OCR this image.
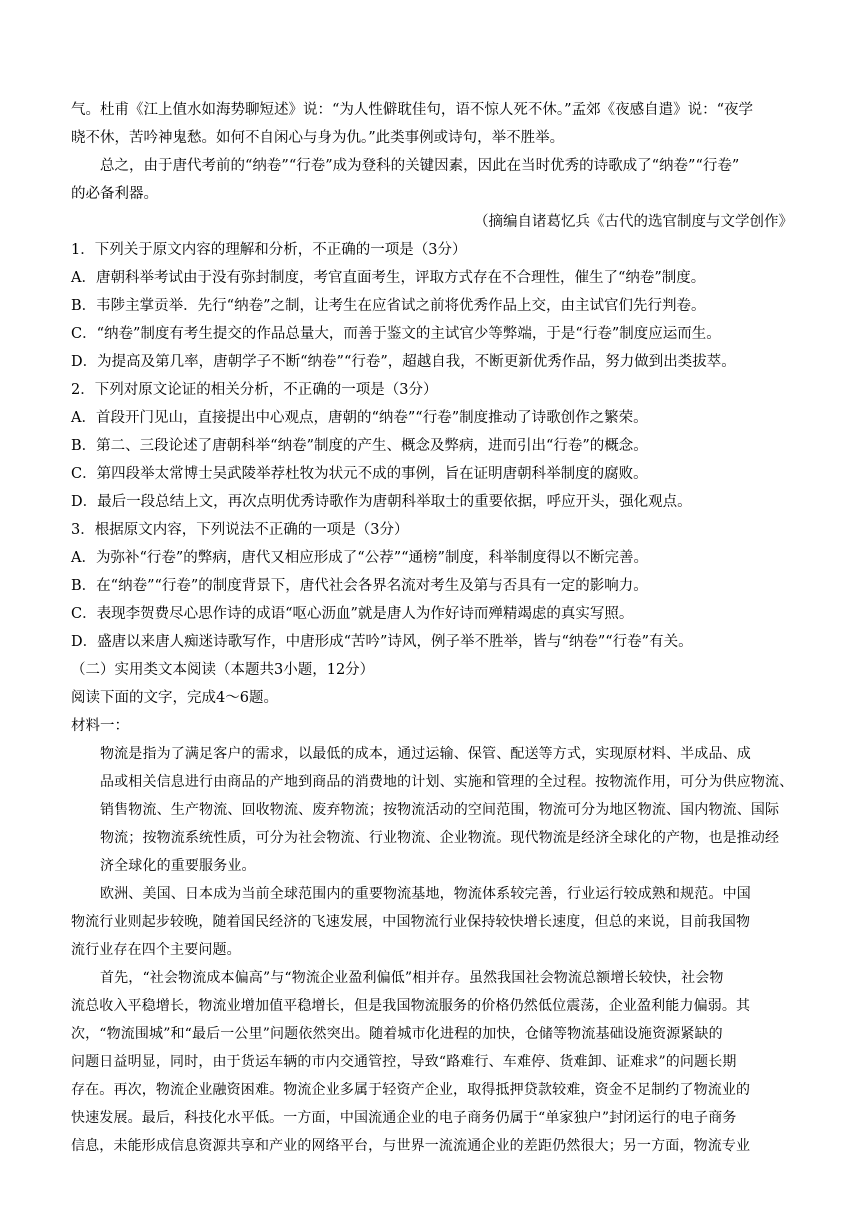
气。杜甫《江上值水如海势聊短述》说：“为人性僻耽佳句，语不惊人死不休。”孟郊《夜感自遣》说：“夜学
晓不休，苦吟神鬼愁。如何不自闲心与身为仇。”此类事例或诗句，举不胜举。
总之，由于唐代考前的“纳卷”“行卷”成为登科的关键因素，因此在当时优秀的诗歌成了“纳卷”“行卷”
的必备利器。
（摘编自诸葛忆兵《古代的选官制度与文学创作》
1．下列关于原文内容的理解和分析，不正确的一项是（3分）
A．唐朝科举考试由于没有弥封制度，考官直面考生，评取方式存在不合理性，催生了“纳卷”制度。
B．韦陟主掌贡举．先行“纳卷”之制，让考生在应省试之前将优秀作品上交，由主试官们先行判卷。
C．“纳卷”制度有考生提交的作品总量大，而善于鉴文的主试官少等弊端，于是“行卷”制度应运而生。
D．为提高及第几率，唐朝学子不断“纳卷”“行卷”，超越自我，不断更新优秀作品，努力做到出类拔萃。
2．下列对原文论证的相关分析，不正确的一项是（3分）
A．首段开门见山，直接提出中心观点，唐朝的“纳卷”“行卷”制度推动了诗歌创作之繁荣。
B．第二、三段论述了唐朝科举“纳卷”制度的产生、概念及弊病，进而引出“行卷”的概念。
C．第四段举太常博士吴武陵举荐杜牧为状元不成的事例，旨在证明唐朝科举制度的腐败。
D．最后一段总结上文，再次点明优秀诗歌作为唐朝科举取士的重要依据，呼应开头，强化观点。
3．根据原文内容，下列说法不正确的一项是（3分）
A．为弥补“行卷”的弊病，唐代又相应形成了“公荐”“通榜”制度，科举制度得以不断完善。
B．在“纳卷”“行卷”的制度背景下，唐代社会各界名流对考生及第与否具有一定的影响力。
C．表现李贺费尽心思作诗的成语“呕心沥血”就是唐人为作好诗而殚精竭虑的真实写照。
D．盛唐以来唐人痴迷诗歌写作，中唐形成“苦吟”诗风，例子举不胜举，皆与“纳卷”“行卷”有关。
（二）实用类文本阅读（本题共3小题，12分）
阅读下面的文字，完成4～6题。
材料一：
物流是指为了满足客户的需求，以最低的成本，通过运输、保管、配送等方式，实现原材料、半成品、成
品或相关信息进行由商品的产地到商品的消费地的计划、实施和管理的全过程。按物流作用，可分为供应物流、
销售物流、生产物流、回收物流、废弃物流；按物流活动的空间范围，物流可分为地区物流、国内物流、国际
物流；按物流系统性质，可分为社会物流、行业物流、企业物流。现代物流是经济全球化的产物，也是推动经
济全球化的重要服务业。
欧洲、美国、日本成为当前全球范围内的重要物流基地，物流体系较完善，行业运行较成熟和规范。中国
物流行业则起步较晚，随着国民经济的飞速发展，中国物流行业保持较快增长速度，但总的来说，目前我国物
流行业存在四个主要问题。
首先，“社会物流成本偏高”与“物流企业盈利偏低”相并存。虽然我国社会物流总额增长较快，社会物
流总收入平稳增长，物流业增加值平稳增长，但是我国物流服务的价格仍然低位震荡，企业盈利能力偏弱。其
次，“物流围城”和“最后一公里”问题依然突出。随着城市化进程的加快，仓储等物流基础设施资源紧缺的
问题日益明显，同时，由于货运车辆的市内交通管控，导致“路难行、车难停、货难卸、证难求”的问题长期
存在。再次，物流企业融资困难。物流企业多属于轻资产企业，取得抵押贷款较难，资金不足制约了物流业的
快速发展。最后，科技化水平低。一方面，中国流通企业的电子商务仍属于“单家独户”封闭运行的电子商务
信息，未能形成信息资源共享和产业的网络平台，与世界一流流通企业的差距仍然很大；另一方面，物流专业
